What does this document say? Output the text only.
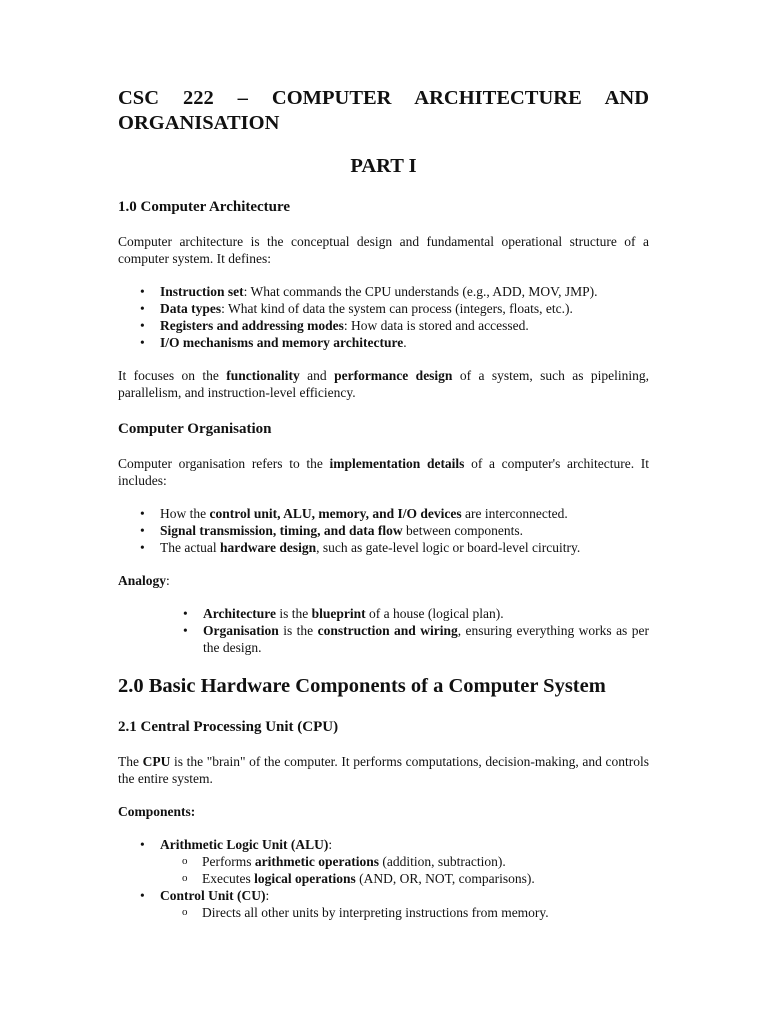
CSC 222 – COMPUTER ARCHITECTURE AND ORGANISATION
PART I
1.0 Computer Architecture

Computer architecture is the conceptual design and fundamental operational structure of a computer system. It defines:

• Instruction set: What commands the CPU understands (e.g., ADD, MOV, JMP).
• Data types: What kind of data the system can process (integers, floats, etc.).
• Registers and addressing modes: How data is stored and accessed.
• I/O mechanisms and memory architecture.

It focuses on the functionality and performance design of a system, such as pipelining, parallelism, and instruction-level efficiency.

Computer Organisation

Computer organisation refers to the implementation details of a computer's architecture. It includes:

• How the control unit, ALU, memory, and I/O devices are interconnected.
• Signal transmission, timing, and data flow between components.
• The actual hardware design, such as gate-level logic or board-level circuitry.

Analogy:

• Architecture is the blueprint of a house (logical plan).
• Organisation is the construction and wiring, ensuring everything works as per the design.
2.0 Basic Hardware Components of a Computer System
2.1 Central Processing Unit (CPU)

The CPU is the "brain" of the computer. It performs computations, decision-making, and controls the entire system.

Components:

• Arithmetic Logic Unit (ALU):
o Performs arithmetic operations (addition, subtraction).
o Executes logical operations (AND, OR, NOT, comparisons).
• Control Unit (CU):
o Directs all other units by interpreting instructions from memory.
